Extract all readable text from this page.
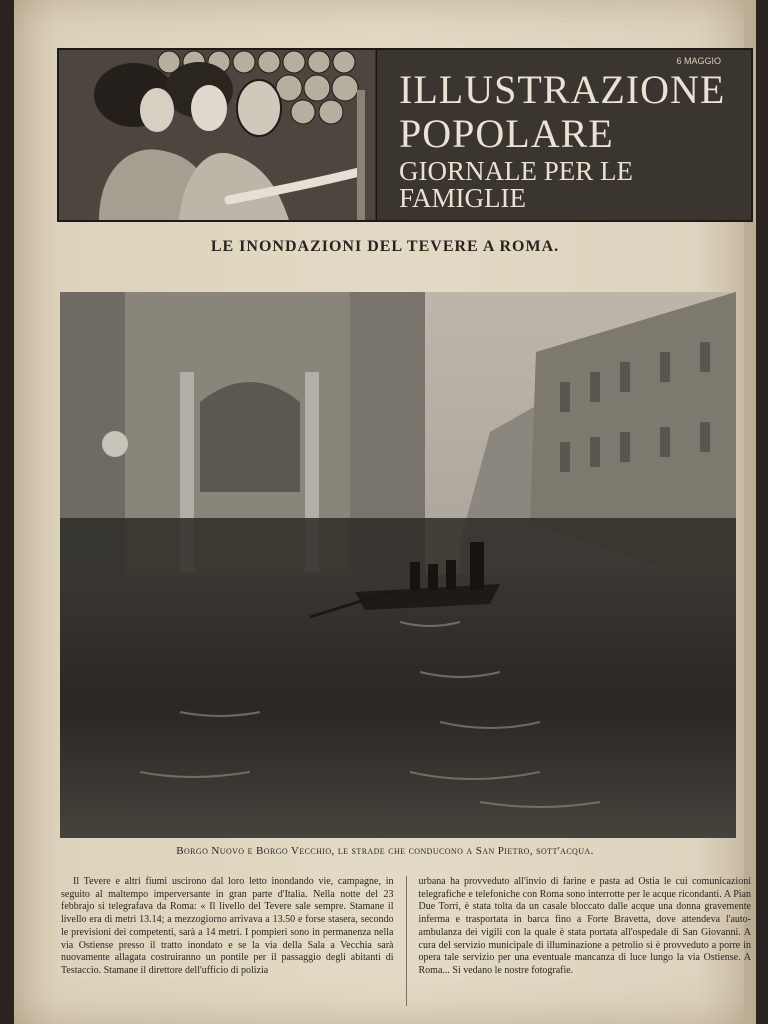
6 MAGGIO
ILLUSTRAZIONE
POPOLARE
GIORNALE PER LE FAMIGLIE
LE INONDAZIONI DEL TEVERE A ROMA.
Borgo Nuovo e Borgo Vecchio, le strade che conducono a San Pietro, sott'acqua.

Il Tevere e altri fiumi uscirono dal loro letto inondando vie, campagne, in seguito al maltempo imperversante in gran parte d'Italia. Nella notte del 23 febbrajo si telegrafava da Roma: « Il livello del Tevere sale sempre. Stamane il livello era di metri 13.14; a mezzogiorno arrivava a 13.50 e forse stasera, secondo le previsioni dei competenti, sarà a 14 metri. I pompieri sono in permanenza nella via Ostiense presso il tratto inondato e se la via della Sala a Vecchia sarà nuovamente allagata costruiranno un pontile per il passaggio degli abitanti di Testaccio. Stamane il direttore dell'ufficio di polizia

urbana ha provveduto all'invio di farine e pasta ad Ostia le cui comunicazioni telegrafiche e telefoniche con Roma sono interrotte per le acque ricondanti. A Pian Due Torri, è stata tolta da un casale bloccato dalle acque una donna gravemente inferma e trasportata in barca fino a Forte Bravetta, dove attendeva l'auto-ambulanza dei vigili con la quale è stata portata all'ospedale di San Giovanni. A cura del servizio municipale di illuminazione a petrolio si è provveduto a porre in opera tale servizio per una eventuale mancanza di luce lungo la via Ostiense. A Roma... Si vedano le nostre fotografie.
